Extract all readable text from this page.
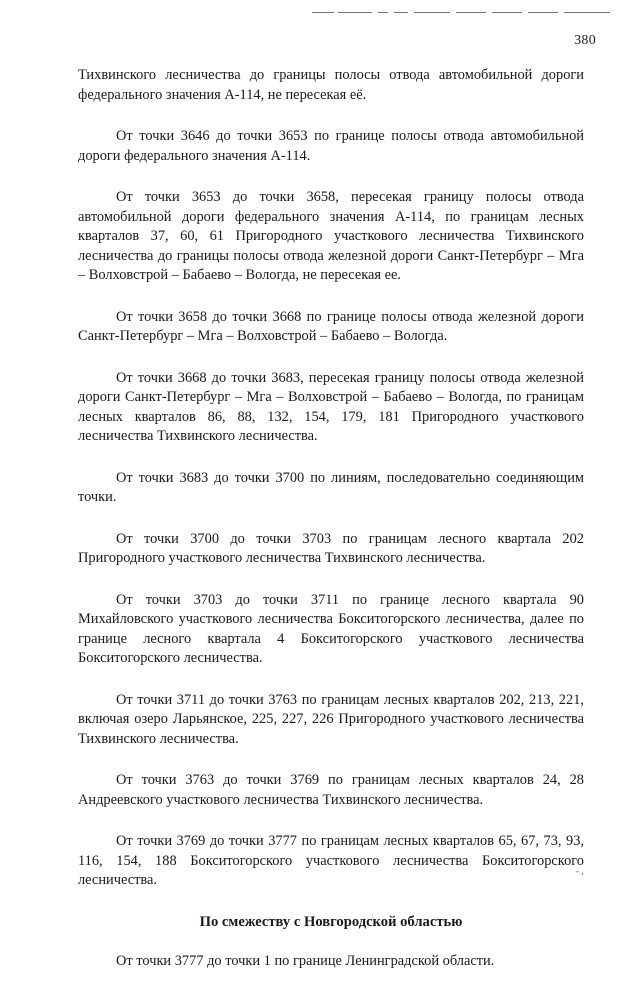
380

Тихвинского лесничества до границы полосы отвода автомобильной дороги федерального значения А-114, не пересекая её.

От точки 3646 до точки 3653 по границе полосы отвода автомобильной дороги федерального значения А-114.

От точки 3653 до точки 3658, пересекая границу полосы отвода автомобильной дороги федерального значения А-114, по границам лесных кварталов 37, 60, 61 Пригородного участкового лесничества Тихвинского лесничества до границы полосы отвода железной дороги Санкт-Петербург – Мга – Волховстрой – Бабаево – Вологда, не пересекая ее.

От точки 3658 до точки 3668 по границе полосы отвода железной дороги Санкт-Петербург – Мга – Волховстрой – Бабаево – Вологда.

От точки 3668 до точки 3683, пересекая границу полосы отвода железной дороги Санкт-Петербург – Мга – Волховстрой – Бабаево – Вологда, по границам лесных кварталов 86, 88, 132, 154, 179, 181 Пригородного участкового лесничества Тихвинского лесничества.

От точки 3683 до точки 3700 по линиям, последовательно соединяющим точки.

От точки 3700 до точки 3703 по границам лесного квартала 202 Пригородного участкового лесничества Тихвинского лесничества.

От точки 3703 до точки 3711 по границе лесного квартала 90 Михайловского участкового лесничества Бокситогорского лесничества, далее по границе лесного квартала 4 Бокситогорского участкового лесничества Бокситогорского лесничества.

От точки 3711 до точки 3763 по границам лесных кварталов 202, 213, 221, включая озеро Ларьянское, 225, 227, 226 Пригородного участкового лесничества Тихвинского лесничества.

От точки 3763 до точки 3769 по границам лесных кварталов 24, 28 Андреевского участкового лесничества Тихвинского лесничества.

От точки 3769 до точки 3777 по границам лесных кварталов 65, 67, 73, 93, 116, 154, 188 Бокситогорского участкового лесничества Бокситогорского лесничества.

По смежеству с Новгородской областью

От точки 3777 до точки 1 по границе Ленинградской области.

- ,
